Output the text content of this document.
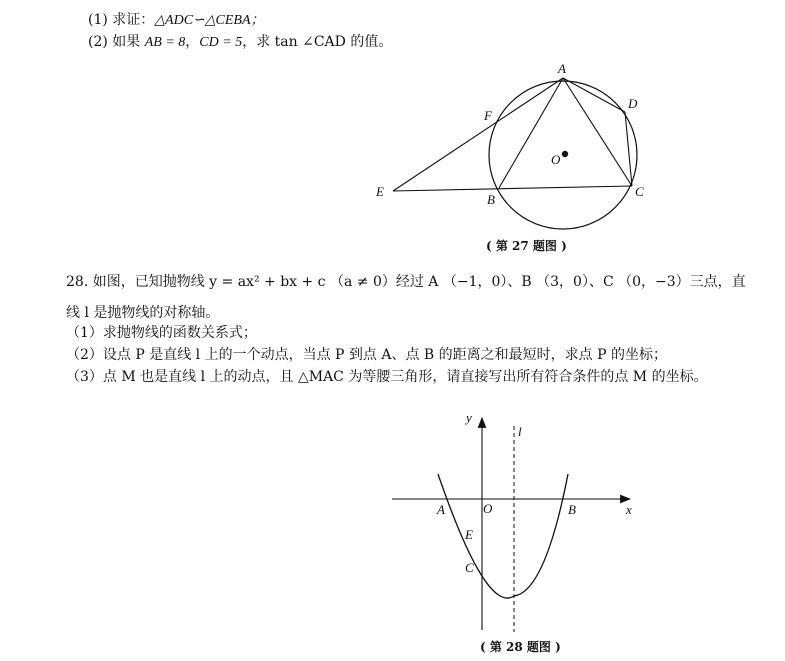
(1) 求证：△ADC∽△CEBA；
(2) 如果 AB = 8，CD = 5，求 tan ∠CAD 的值。
A
D
F
O
E
B
C
( 第 27 题图 )
28. 如图，已知抛物线 y = ax² + bx + c （a ≠ 0）经过 A （−1，0）、B （3，0）、C （0，−3）三点，直
线 l 是抛物线的对称轴。
（1）求抛物线的函数关系式；
（2）设点 P 是直线 l 上的一个动点，当点 P 到点 A、点 B 的距离之和最短时，求点 P 的坐标；
（3）点 M 也是直线 l 上的动点，且 △MAC 为等腰三角形，请直接写出所有符合条件的点 M 的坐标。
y
l
A	O	B	x
E
C
( 第 28 题图 )
